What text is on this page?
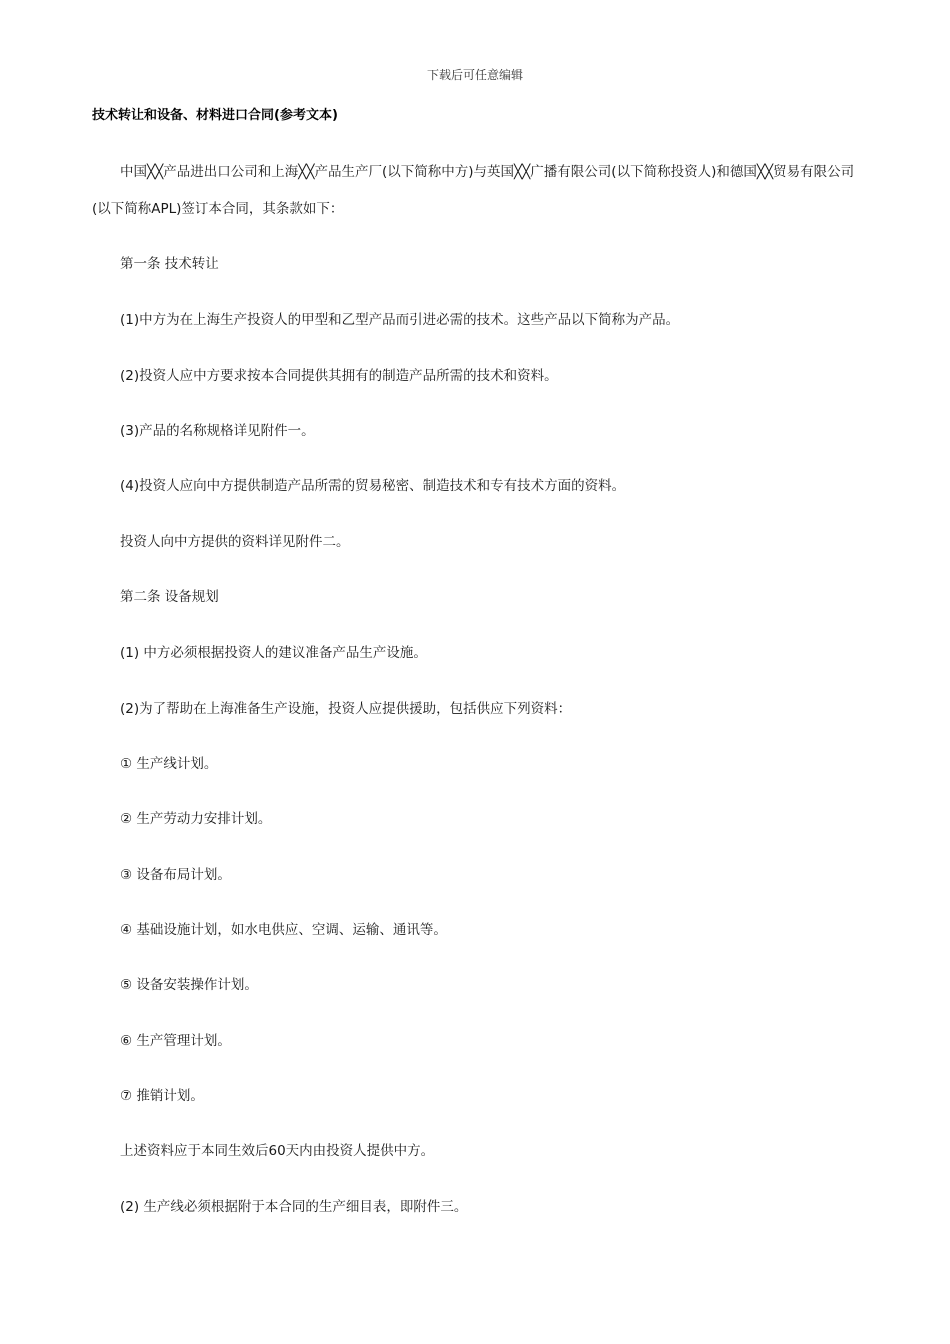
下载后可任意编辑
技术转让和设备、材料进口合同(参考文本)
中国╳╳产品进出口公司和上海╳╳产品生产厂(以下简称中方)与英国╳╳广播有限公司(以下简称投资人)和德国╳╳贸易有限公司(以下简称APL)签订本合同，其条款如下：
第一条 技术转让
(1)中方为在上海生产投资人的甲型和乙型产品而引进必需的技术。这些产品以下简称为产品。
(2)投资人应中方要求按本合同提供其拥有的制造产品所需的技术和资料。
(3)产品的名称规格详见附件一。
(4)投资人应向中方提供制造产品所需的贸易秘密、制造技术和专有技术方面的资料。
投资人向中方提供的资料详见附件二。
第二条 设备规划
(1) 中方必须根据投资人的建议准备产品生产设施。
(2)为了帮助在上海准备生产设施，投资人应提供援助，包括供应下列资料：
① 生产线计划。
② 生产劳动力安排计划。
③ 设备布局计划。
④ 基础设施计划，如水电供应、空调、运输、通讯等。
⑤ 设备安装操作计划。
⑥ 生产管理计划。
⑦ 推销计划。
上述资料应于本同生效后60天内由投资人提供中方。
(2) 生产线必须根据附于本合同的生产细目表，即附件三。
